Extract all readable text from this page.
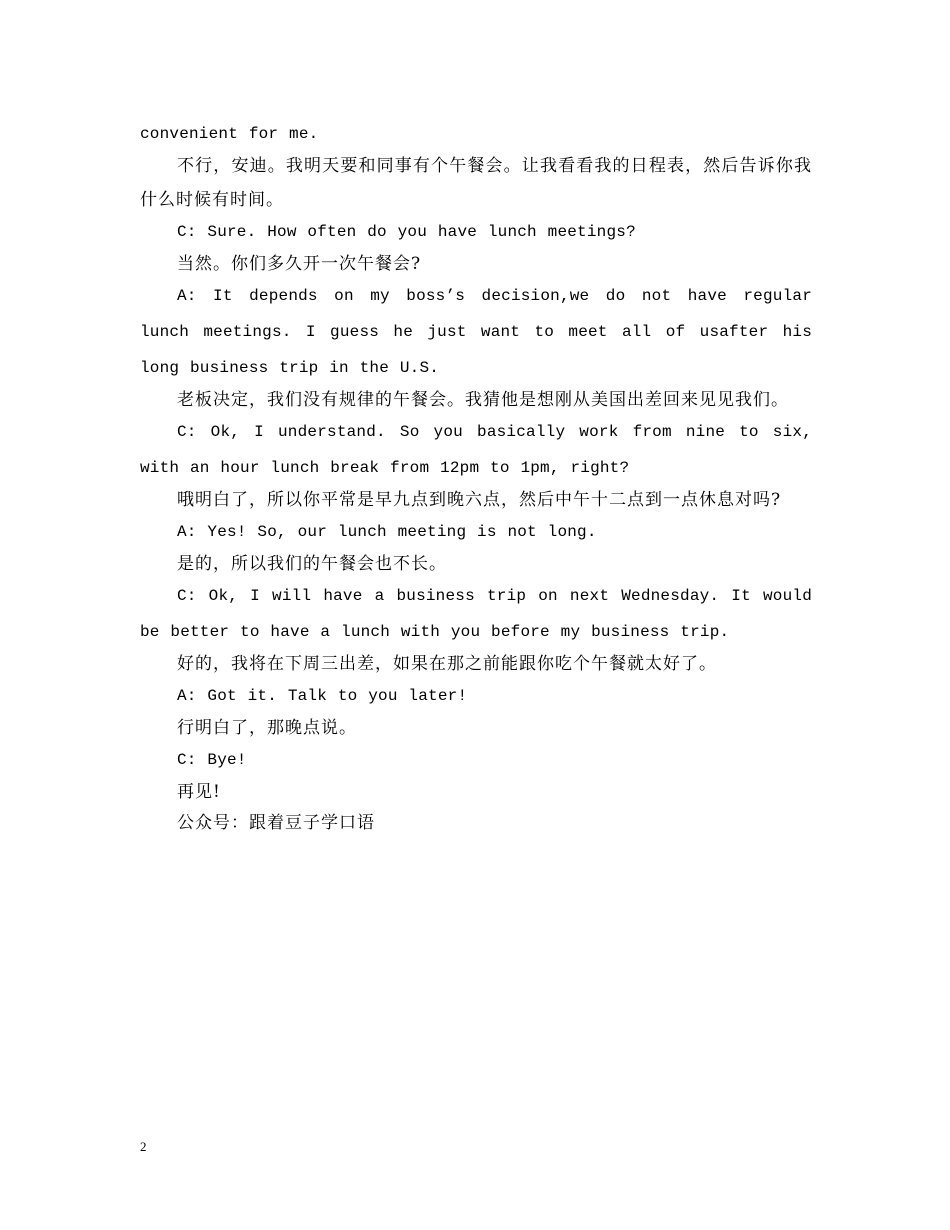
convenient for me.

不行，安迪。我明天要和同事有个午餐会。让我看看我的日程表，然后告诉你我什么时候有时间。

C: Sure. How often do you have lunch meetings?

当然。你们多久开一次午餐会?

A: It depends on my boss’s decision,we do not have regular lunch meetings. I guess he just want to meet all of usafter his long business trip in the U.S.

老板决定，我们没有规律的午餐会。我猜他是想刚从美国出差回来见见我们。

C: Ok, I understand. So you basically work from nine to six, with an hour lunch break from 12pm to 1pm, right?

哦明白了，所以你平常是早九点到晚六点，然后中午十二点到一点休息对吗?

A: Yes! So, our lunch meeting is not long.

是的，所以我们的午餐会也不长。

C: Ok, I will have a business trip on next Wednesday. It would be better to have a lunch with you before my business trip.

好的，我将在下周三出差，如果在那之前能跟你吃个午餐就太好了。

A: Got it. Talk to you later!

行明白了，那晚点说。

C: Bye!

再见!

公众号：跟着豆子学口语

2
